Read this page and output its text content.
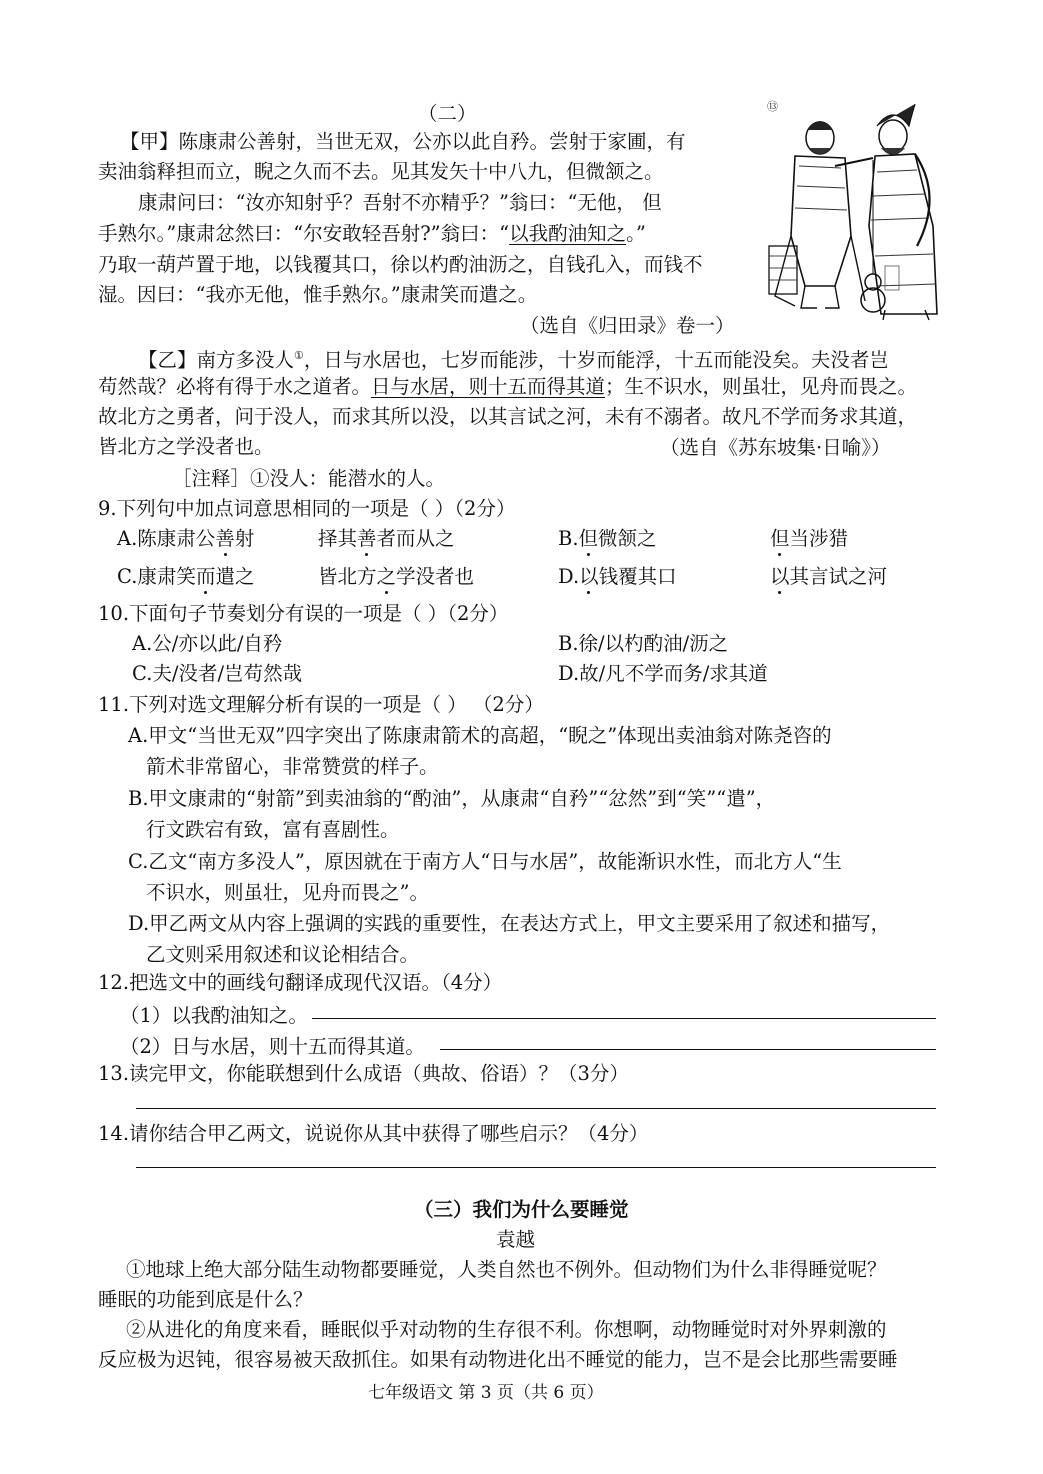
（二）
【甲】陈康肃公善射，当世无双，公亦以此自矜。尝射于家圃，有
卖油翁释担而立，睨之久而不去。见其发矢十中八九，但微颔之。
康肃问曰：“汝亦知射乎？吾射不亦精乎？”翁曰：“无他， 但
手熟尔。”康肃忿然曰：“尔安敢轻吾射?”翁曰：“以我酌油知之。”
乃取一葫芦置于地，以钱覆其口，徐以杓酌油沥之，自钱孔入，而钱不
湿。因曰：“我亦无他，惟手熟尔。”康肃笑而遣之。
（选自《归田录》卷一）
⑬
【乙】南方多没人①，日与水居也，七岁而能涉，十岁而能浮，十五而能没矣。夫没者岂
苟然哉？必将有得于水之道者。日与水居，则十五而得其道；生不识水，则虽壮，见舟而畏之。
故北方之勇者，问于没人，而求其所以没，以其言试之河，未有不溺者。故凡不学而务求其道，
皆北方之学没者也。	（选自《苏东坡集·日喻》）
［注释］①没人：能潜水的人。
9.下列句中加点词意思相同的一项是（ ）（2分）
A.陈康肃公善射	择其善者而从之	B.但微颔之	但当涉猎
C.康肃笑而遣之	皆北方之学没者也	D.以钱覆其口	以其言试之河
10.下面句子节奏划分有误的一项是（ ）（2分）
A.公/亦以此/自矜	B.徐/以杓酌油/沥之
C.夫/没者/岂苟然哉	D.故/凡不学而务/求其道
11.下列对选文理解分析有误的一项是（ ） （2分）
A.甲文“当世无双”四字突出了陈康肃箭术的高超，“睨之”体现出卖油翁对陈尧咨的
箭术非常留心，非常赞赏的样子。
B.甲文康肃的“射箭”到卖油翁的“酌油”，从康肃“自矜”“忿然”到“笑”“遣”，
行文跌宕有致，富有喜剧性。
C.乙文“南方多没人”，原因就在于南方人“日与水居”，故能渐识水性，而北方人“生
不识水，则虽壮，见舟而畏之”。
D.甲乙两文从内容上强调的实践的重要性，在表达方式上，甲文主要采用了叙述和描写，
乙文则采用叙述和议论相结合。
12.把选文中的画线句翻译成现代汉语。（4分）
（1）以我酌油知之。
（2）日与水居，则十五而得其道。
13.读完甲文，你能联想到什么成语（典故、俗语）？（3分）
14.请你结合甲乙两文，说说你从其中获得了哪些启示？（4分）
（三）我们为什么要睡觉
袁越
①地球上绝大部分陆生动物都要睡觉，人类自然也不例外。但动物们为什么非得睡觉呢？
睡眠的功能到底是什么？
②从进化的角度来看，睡眠似乎对动物的生存很不利。你想啊，动物睡觉时对外界刺激的
反应极为迟钝，很容易被天敌抓住。如果有动物进化出不睡觉的能力，岂不是会比那些需要睡
七年级语文 第 3 页（共 6 页）
